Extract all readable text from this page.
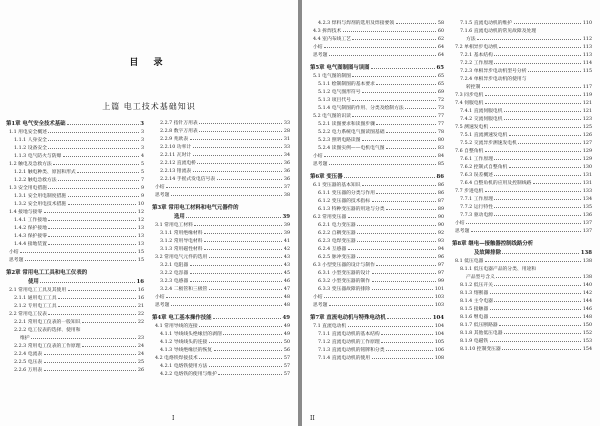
目 录
上篇 电工技术基础知识
第1章 电气安全技术基础	3
1.1 用电安全概述	3
1.1.1 人身安全	3
1.1.2 设备安全	3
1.1.3 电气防火与防爆	4
1.2 触电及急救方法	5
1.2.1 触电种类、原因和形式	5
1.2.2 触电急救方法	7
1.3 安全用电措施	9
1.3.1 安全用电制度措施	9
1.3.2 安全用电技术措施	10
1.4 接地与接零	12
1.4.1 工作接地	12
1.4.2 保护接地	13
1.4.3 保护接零	13
1.4.4 接地装置	13
小结	15
思考题	15
第2章 常用电工工具和电工仪表的
使用	16
2.1 常用电工工具及其使用	16
2.1.1 通用电工工具	16
2.1.2 专用电工工具	21
2.2 常用电工仪表	22
2.2.1 常用电工仪表的一般知识	22
2.2.2 电工仪表的选择、使用和
维护	23
2.2.3 常用电工仪表的工作原理	24
2.2.4 电流表	24
2.2.5 电压表	25
2.2.6 万用表	26
2.2.7 指针万用表	33
2.2.8 数字万用表	28
2.2.9 兆欧表	31
2.2.10 功率计	33
2.2.11 瓦时计	34
2.2.12 直流电桥	36
2.2.13 钳流表	36
2.2.14 手摇式发电信号表	36
小结	37
思考题	38
第3章 常用电工材料和电气元器件的
选用	39
3.1 常用电工材料	39
3.1.1 常用绝缘材料	39
3.1.2 常用导电材料	41
3.1.3 常用磁性材料	42
3.2 常用电气元件的选用	43
3.2.1 电阻器	43
3.2.2 电容器	45
3.2.3 电感器	46
3.2.4 二极管和三极管	47
小结	48
思考题	48
第4章 电工基本操作技能	49
4.1 常用导线的连接	49
4.1.1 导线线头绝缘层的剥削	49
4.1.2 导线线头的连接	50
4.1.3 导线绝缘层的恢复	56
4.2 电烙铁焊接技术	57
4.2.1 电烙铁使用方法	57
4.2.2 电烙铁的使用与维护	57
I
4.2.3 焊料与焊剂的选用及焊接要领	58
4.3 拆焊技术	60
4.4 室内布线工艺	62
小结	64
思考题	64
第5章 电气图制图与读图	65
5.1 电气图的制图	65
5.1.1 绘制制图的基本要求	65
5.1.2 电气图形符号	69
5.1.3 项目代号	72
5.1.4 电气制图的作用、分类及绘制方法	73
5.2 电气图的识读	77
5.2.1 读图要求和读图步骤	77
5.2.2 电力系统电气图读图基础	78
5.2.3 照明电路读图	80
5.2.4 读图实例——电机电气图	83
小结	84
思考题	85
第6章 变压器	86
6.1 变压器的基本知识	86
6.1.1 变压器的分类与作用	86
6.1.2 变压器的技术指标	87
6.1.3 特种变压器的用途与分类	89
6.2 常用变压器	90
6.2.1 电力变压器	90
6.2.2 自耦变压器	92
6.2.3 电焊变压器	93
6.2.4 互感器	94
6.2.5 脉冲变压器	96
6.3 小型变压器的设计与制作	97
6.3.1 小型变压器的设计	97
6.3.2 小型变压器的制作	99
6.3.3 变压器故障的排除	101
小结	103
思考题	103
第7章 直流电动机与特殊电动机	104
7.1 直流电动机	104
7.1.1 直流电动机的基本结构	104
7.1.2 直流电动机的工作原理	105
7.1.3 直流电动机的铭牌和分类	106
7.1.4 直流电动机的使用	108
7.1.5 直流电动机的维护	110
7.1.6 直流电动机的常见故障及处理
方法	112
7.2 单相异步电动机	113
7.2.1 基本结构	113
7.2.2 工作原理	114
7.2.3 单相异步电动机型号分析	115
7.2.4 单相异步电动机的使用与
转控制	117
7.3 同步电机	119
7.4 伺服电机	121
7.4.1 直流伺服电机	121
7.4.2 交流伺服电机	123
7.5 测速发电机	125
7.5.1 直流测速发电机	126
7.5.2 交流异步测速发电机	127
7.6 自整角机	129
7.6.1 工作原理	129
7.6.2 控制式自整角机	130
7.6.3 误差概述	131
7.6.4 自整角机的应用及控制线路	131
7.7 步进电机	133
7.7.1 工作原理	134
7.7.2 运行特性	135
7.7.3 驱动电源	136
小结	137
思考题	137
第8章 继电—接触器控制线路分析
及故障排除	138
8.1 低压电器	138
8.1.1 低压电器产品的分类、用途和
产品型号含义	138
8.1.2 低压开关	140
8.1.3 熔断器	142
8.1.4 主令电器	144
8.1.5 接触器	146
8.1.6 继电器	148
8.1.7 低压断路器	150
8.1.8 其他低压电器	152
8.1.9 电磁铁	153
8.1.10 控制变压器	154
II
